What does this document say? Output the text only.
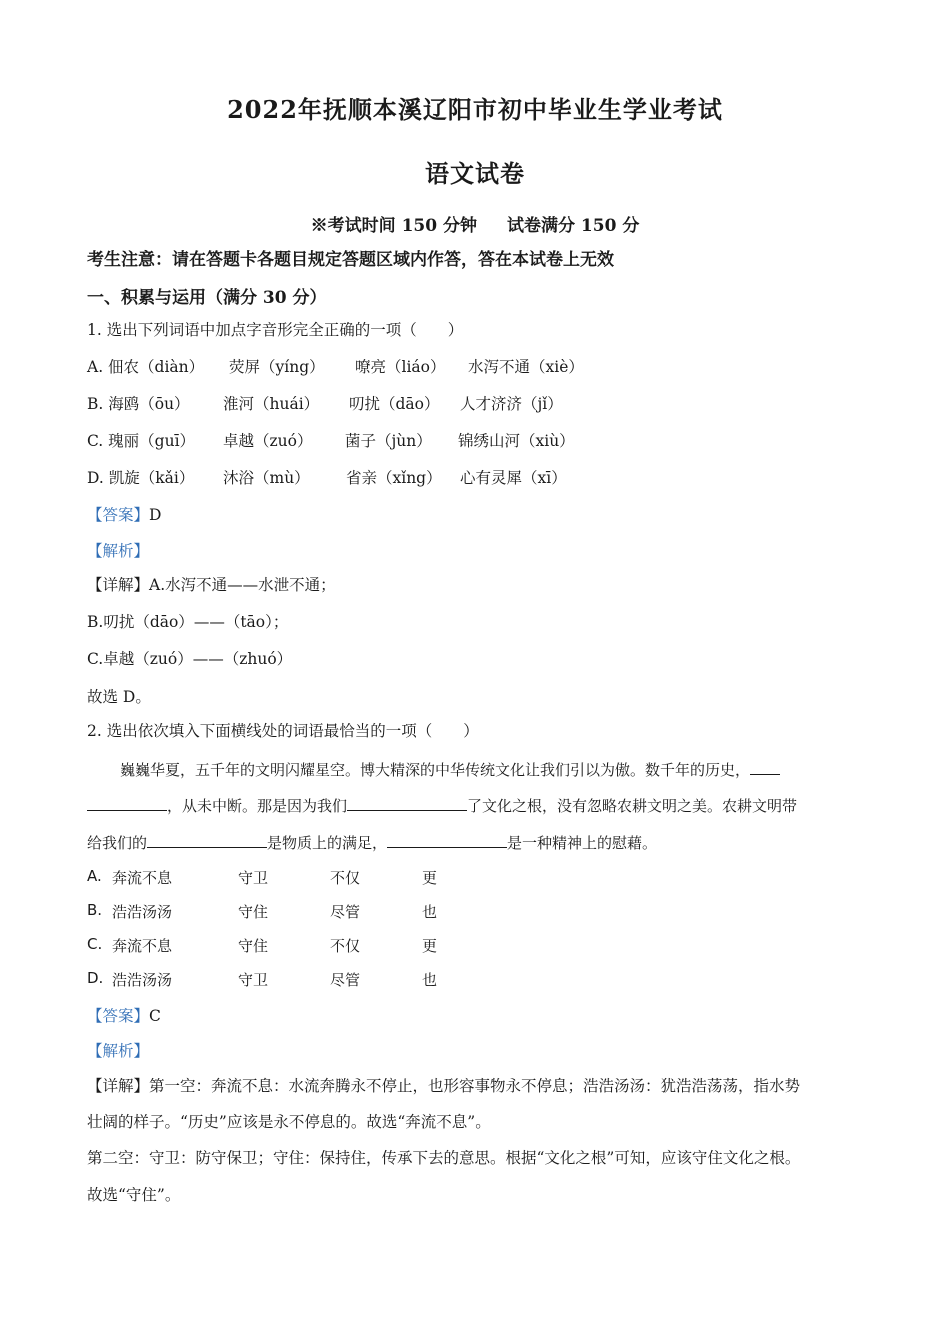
2022年抚顺本溪辽阳市初中毕业生学业考试
语文试卷
※考试时间 150 分钟 试卷满分 150 分
考生注意：请在答题卡各题目规定答题区域内作答，答在本试卷上无效
一、积累与运用（满分 30 分）
1. 选出下列词语中加点字音形完全正确的一项（　　）
A. 佃农（diàn） 荧屏（yíng） 嘹亮（liáo） 水泻不通（xiè）
B. 海鸥（ōu） 淮河（huái） 叨扰（dāo） 人才济济（jǐ）
C. 瑰丽（guī） 卓越（zuó） 菌子（jùn） 锦绣山河（xiù）
D. 凯旋（kǎi） 沐浴（mù） 省亲（xǐng） 心有灵犀（xī）
【答案】D
【解析】
【详解】A.水泻不通——水泄不通；
B.叨扰（dāo）——（tāo）；
C.卓越（zuó）——（zhuó）
故选 D。
2. 选出依次填入下面横线处的词语最恰当的一项（　　）
巍巍华夏，五千年的文明闪耀星空。博大精深的中华传统文化让我们引以为傲。数千年的历史，
，从未中断。那是因为我们	了文化之根，没有忽略农耕文明之美。农耕文明带
给我们的	是物质上的满足，	是一种精神上的慰藉。
A. 奔流不息	守卫	不仅	更
B. 浩浩汤汤	守住	尽管	也
C. 奔流不息	守住	不仅	更
D. 浩浩汤汤	守卫	尽管	也
【答案】C
【解析】
【详解】第一空：奔流不息：水流奔腾永不停止，也形容事物永不停息；浩浩汤汤：犹浩浩荡荡，指水势
壮阔的样子。“历史”应该是永不停息的。故选“奔流不息”。
第二空：守卫：防守保卫；守住：保持住，传承下去的意思。根据“文化之根”可知，应该守住文化之根。
故选“守住”。
